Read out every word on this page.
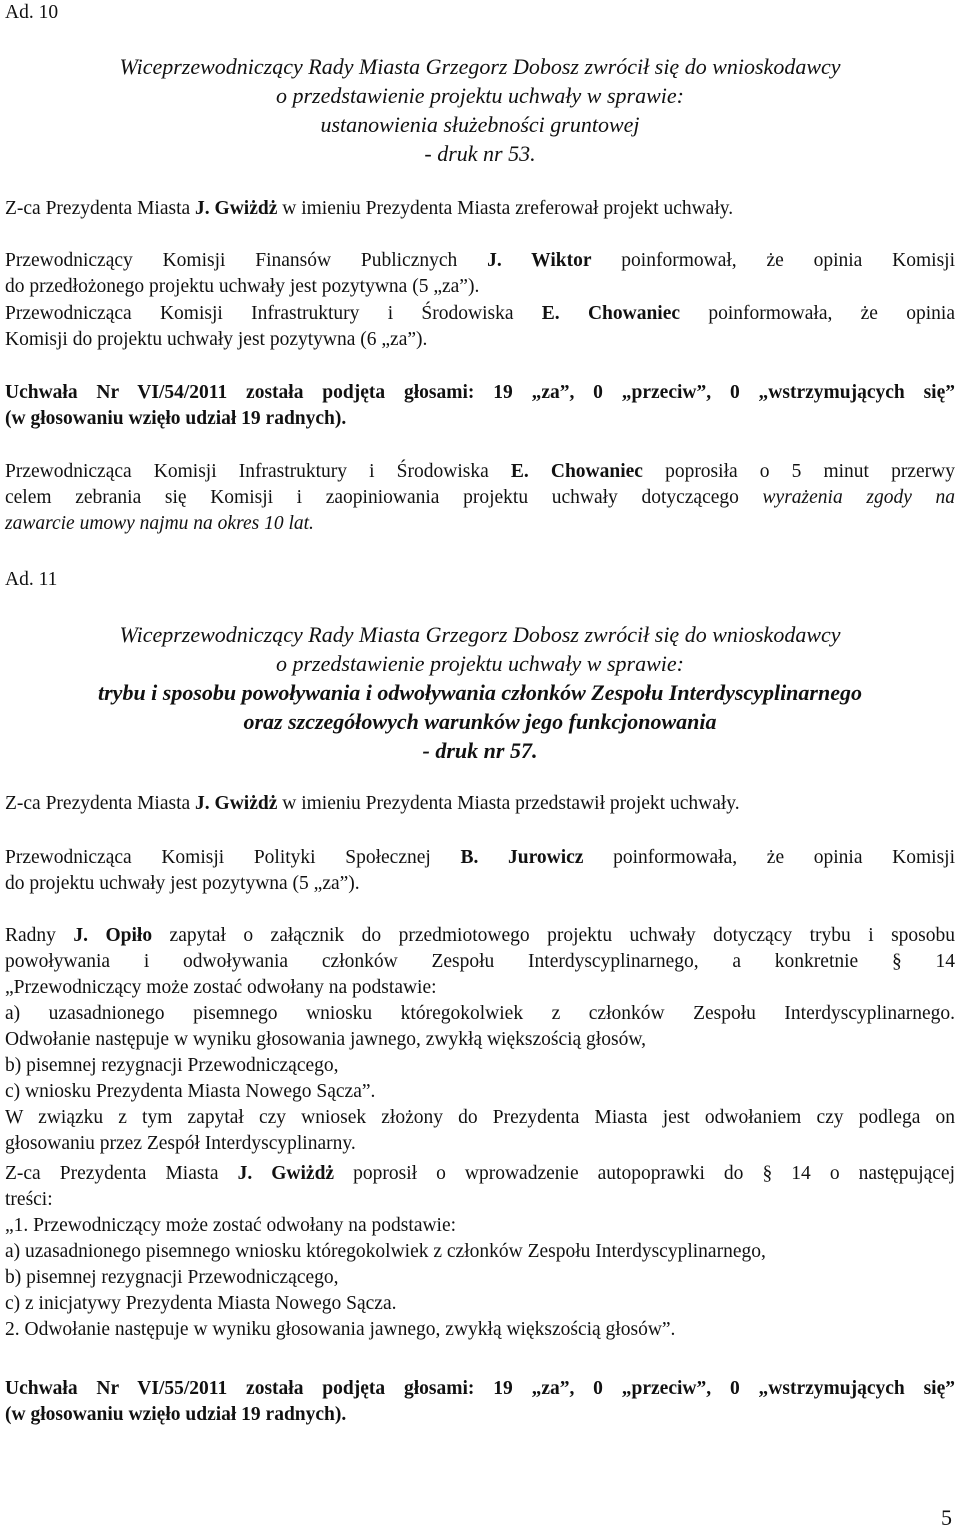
Ad. 10
Wiceprzewodniczący Rady Miasta Grzegorz Dobosz zwrócił się do wnioskodawcy
o przedstawienie projektu uchwały w sprawie:
ustanowienia służebności gruntowej
- druk nr 53.
Z-ca Prezydenta Miasta J. Gwiżdż w imieniu Prezydenta Miasta zreferował projekt uchwały.
Przewodniczący Komisji Finansów Publicznych J. Wiktor poinformował, że opinia Komisji
do przedłożonego projektu uchwały jest pozytywna (5 „za”).
Przewodnicząca Komisji Infrastruktury i Środowiska E. Chowaniec poinformowała, że opinia
Komisji do projektu uchwały jest pozytywna (6 „za”).
Uchwała Nr VI/54/2011 została podjęta głosami: 19 „za”, 0 „przeciw”, 0 „wstrzymujących się”
(w głosowaniu wzięło udział 19 radnych).
Przewodnicząca Komisji Infrastruktury i Środowiska E. Chowaniec poprosiła o 5 minut przerwy
celem zebrania się Komisji i zaopiniowania projektu uchwały dotyczącego wyrażenia zgody na
zawarcie umowy najmu na okres 10 lat.
Ad. 11
Wiceprzewodniczący Rady Miasta Grzegorz Dobosz zwrócił się do wnioskodawcy
o przedstawienie projektu uchwały w sprawie:
trybu i sposobu powoływania i odwoływania członków Zespołu Interdyscyplinarnego
oraz szczegółowych warunków jego funkcjonowania
- druk nr 57.
Z-ca Prezydenta Miasta J. Gwiżdż w imieniu Prezydenta Miasta przedstawił projekt uchwały.
Przewodnicząca Komisji Polityki Społecznej B. Jurowicz poinformowała, że opinia Komisji
do projektu uchwały jest pozytywna (5 „za”).
Radny J. Opiło zapytał o załącznik do przedmiotowego projektu uchwały dotyczący trybu i sposobu
powoływania i odwoływania członków Zespołu Interdyscyplinarnego, a konkretnie § 14
„Przewodniczący może zostać odwołany na podstawie:
a) uzasadnionego pisemnego wniosku któregokolwiek z członków Zespołu Interdyscyplinarnego.
Odwołanie następuje w wyniku głosowania jawnego, zwykłą większością głosów,
b) pisemnej rezygnacji Przewodniczącego,
c) wniosku Prezydenta Miasta Nowego Sącza”.
W związku z tym zapytał czy wniosek złożony do Prezydenta Miasta jest odwołaniem czy podlega on
głosowaniu przez Zespół Interdyscyplinarny.
Z-ca Prezydenta Miasta J. Gwiżdż poprosił o wprowadzenie autopoprawki do § 14 o następującej
treści:
„1. Przewodniczący może zostać odwołany na podstawie:
a) uzasadnionego pisemnego wniosku któregokolwiek z członków Zespołu Interdyscyplinarnego,
b) pisemnej rezygnacji Przewodniczącego,
c) z inicjatywy Prezydenta Miasta Nowego Sącza.
2. Odwołanie następuje w wyniku głosowania jawnego, zwykłą większością głosów”.
Uchwała Nr VI/55/2011 została podjęta głosami: 19 „za”, 0 „przeciw”, 0 „wstrzymujących się”
(w głosowaniu wzięło udział 19 radnych).
5
